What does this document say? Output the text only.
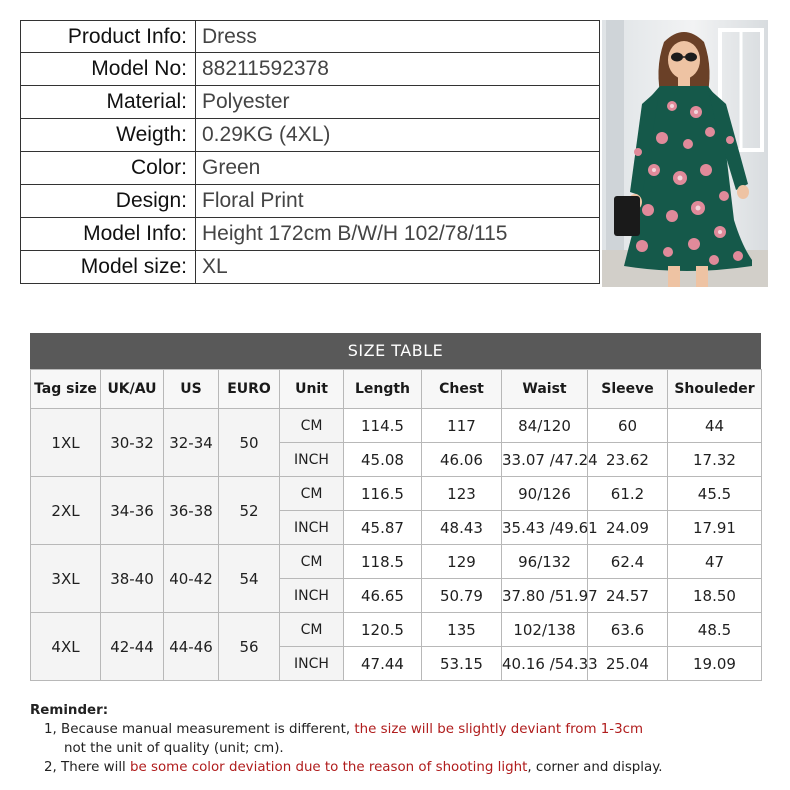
Product Info:	Dress
Model No:	88211592378
Material:	Polyester
Weigth:	0.29KG (4XL)
Color:	Green
Design:	Floral Print
Model Info:	Height 172cm B/W/H 102/78/115
Model size:	XL
SIZE TABLE
Tag size	UK/AU	US	EURO	Unit	Length	Chest	Waist	Sleeve	Shouleder
1XL	30-32	32-34	50	CM	114.5	117	84/120	60	44
				INCH	45.08	46.06	33.07 /47.24	23.62	17.32
2XL	34-36	36-38	52	CM	116.5	123	90/126	61.2	45.5
				INCH	45.87	48.43	35.43 /49.61	24.09	17.91
3XL	38-40	40-42	54	CM	118.5	129	96/132	62.4	47
				INCH	46.65	50.79	37.80 /51.97	24.57	18.50
4XL	42-44	44-46	56	CM	120.5	135	102/138	63.6	48.5
				INCH	47.44	53.15	40.16 /54.33	25.04	19.09
Reminder:
1, Because manual measurement is different, the size will be slightly deviant from 1-3cm
not the unit of quality (unit; cm).
2, There will be some color deviation due to the reason of shooting light, corner and display.
